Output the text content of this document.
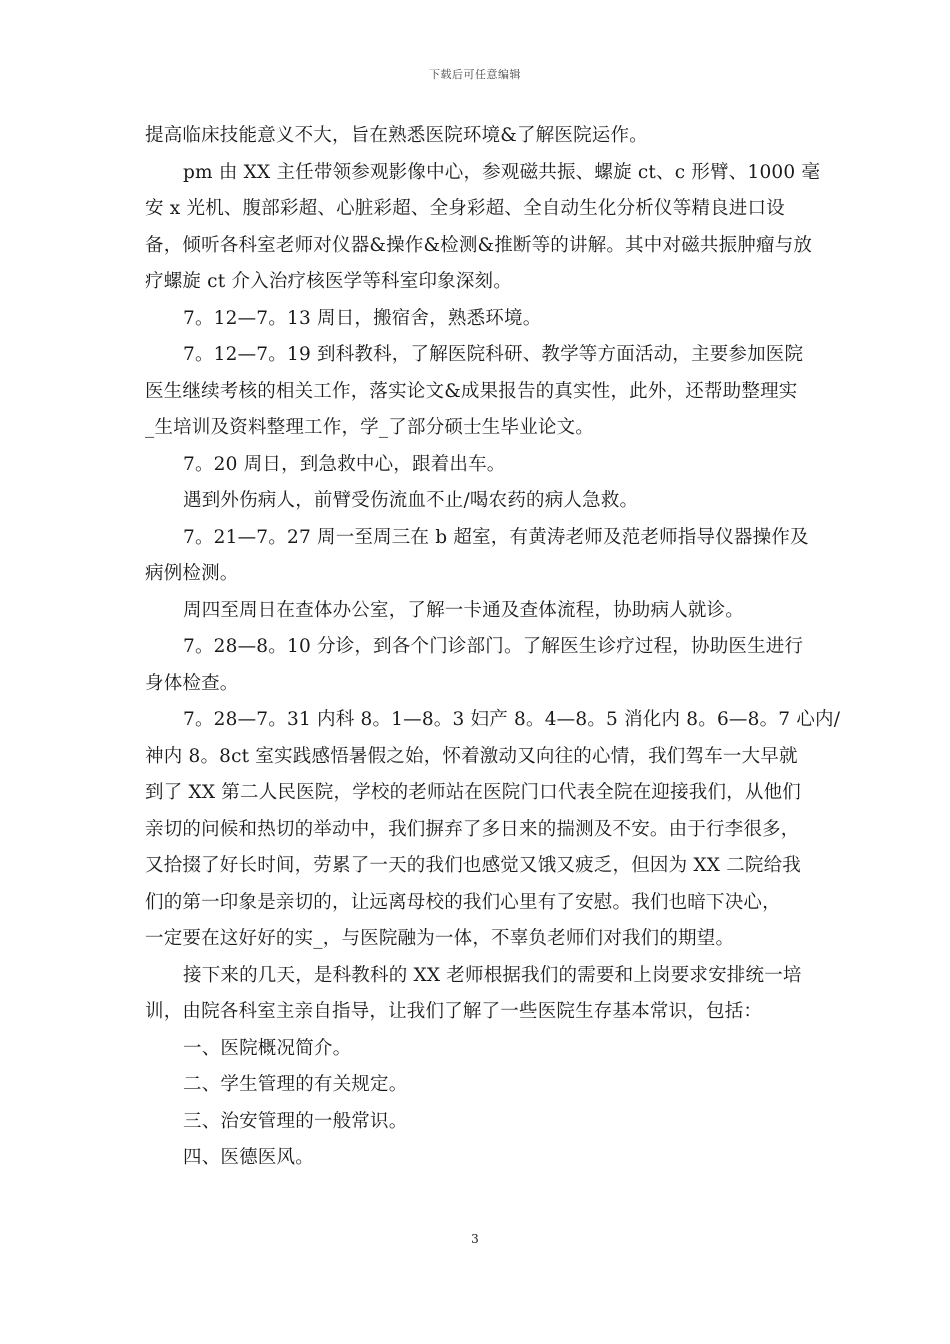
下载后可任意编辑
提高临床技能意义不大，旨在熟悉医院环境&了解医院运作。
pm 由 XX 主任带领参观影像中心，参观磁共振、螺旋 ct、c 形臂、1000 毫
安 x 光机、腹部彩超、心脏彩超、全身彩超、全自动生化分析仪等精良进口设
备，倾听各科室老师对仪器&操作&检测&推断等的讲解。其中对磁共振肿瘤与放
疗螺旋 ct 介入治疗核医学等科室印象深刻。
7。12—7。13 周日，搬宿舍，熟悉环境。
7。12—7。19 到科教科，了解医院科研、教学等方面活动，主要参加医院
医生继续考核的相关工作，落实论文&成果报告的真实性，此外，还帮助整理实
_生培训及资料整理工作，学_了部分硕士生毕业论文。
7。20 周日，到急救中心，跟着出车。
遇到外伤病人，前臂受伤流血不止/喝农药的病人急救。
7。21—7。27 周一至周三在 b 超室，有黄涛老师及范老师指导仪器操作及
病例检测。
周四至周日在查体办公室，了解一卡通及查体流程，协助病人就诊。
7。28—8。10 分诊，到各个门诊部门。了解医生诊疗过程，协助医生进行
身体检查。
7。28—7。31 内科 8。1—8。3 妇产 8。4—8。5 消化内 8。6—8。7 心内/
神内 8。8ct 室实践感悟暑假之始，怀着激动又向往的心情，我们驾车一大早就
到了 XX 第二人民医院，学校的老师站在医院门口代表全院在迎接我们，从他们
亲切的问候和热切的举动中，我们摒弃了多日来的揣测及不安。由于行李很多，
又拾掇了好长时间，劳累了一天的我们也感觉又饿又疲乏，但因为 XX 二院给我
们的第一印象是亲切的，让远离母校的我们心里有了安慰。我们也暗下决心，
一定要在这好好的实_，与医院融为一体，不辜负老师们对我们的期望。
接下来的几天，是科教科的 XX 老师根据我们的需要和上岗要求安排统一培
训，由院各科室主亲自指导，让我们了解了一些医院生存基本常识，包括：
一、医院概况简介。
二、学生管理的有关规定。
三、治安管理的一般常识。
四、医德医风。
3
